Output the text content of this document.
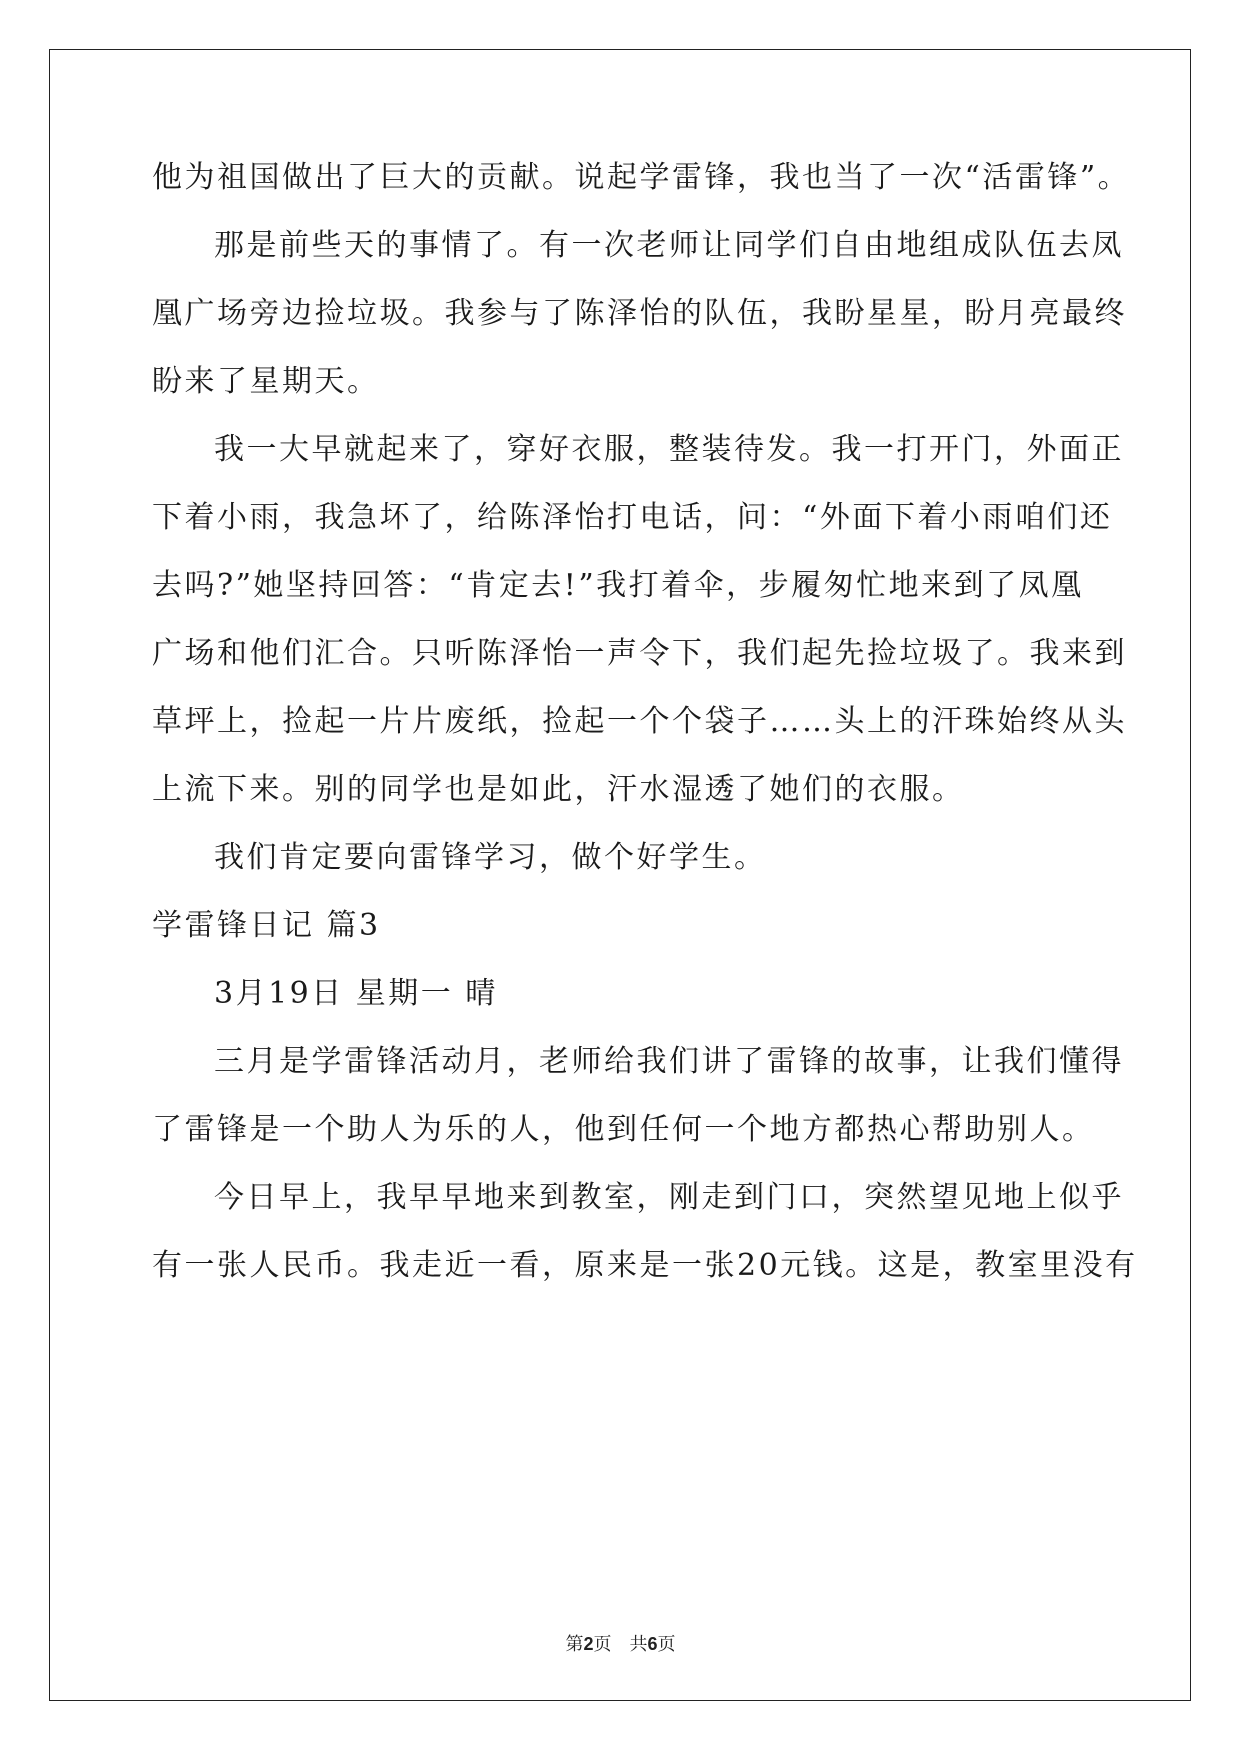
他为祖国做出了巨大的贡献。说起学雷锋，我也当了一次“活雷锋”。
那是前些天的事情了。有一次老师让同学们自由地组成队伍去凤
凰广场旁边捡垃圾。我参与了陈泽怡的队伍，我盼星星，盼月亮最终
盼来了星期天。
我一大早就起来了，穿好衣服，整装待发。我一打开门，外面正
下着小雨，我急坏了，给陈泽怡打电话，问：“外面下着小雨咱们还
去吗?”她坚持回答：“肯定去!”我打着伞，步履匆忙地来到了凤凰
广场和他们汇合。只听陈泽怡一声令下，我们起先捡垃圾了。我来到
草坪上，捡起一片片废纸，捡起一个个袋子……头上的汗珠始终从头
上流下来。别的同学也是如此，汗水湿透了她们的衣服。
我们肯定要向雷锋学习，做个好学生。
学雷锋日记 篇3
3月19日 星期一 晴
三月是学雷锋活动月，老师给我们讲了雷锋的故事，让我们懂得
了雷锋是一个助人为乐的人，他到任何一个地方都热心帮助别人。
今日早上，我早早地来到教室，刚走到门口，突然望见地上似乎
有一张人民币。我走近一看，原来是一张20元钱。这是，教室里没有
第2页　共6页
